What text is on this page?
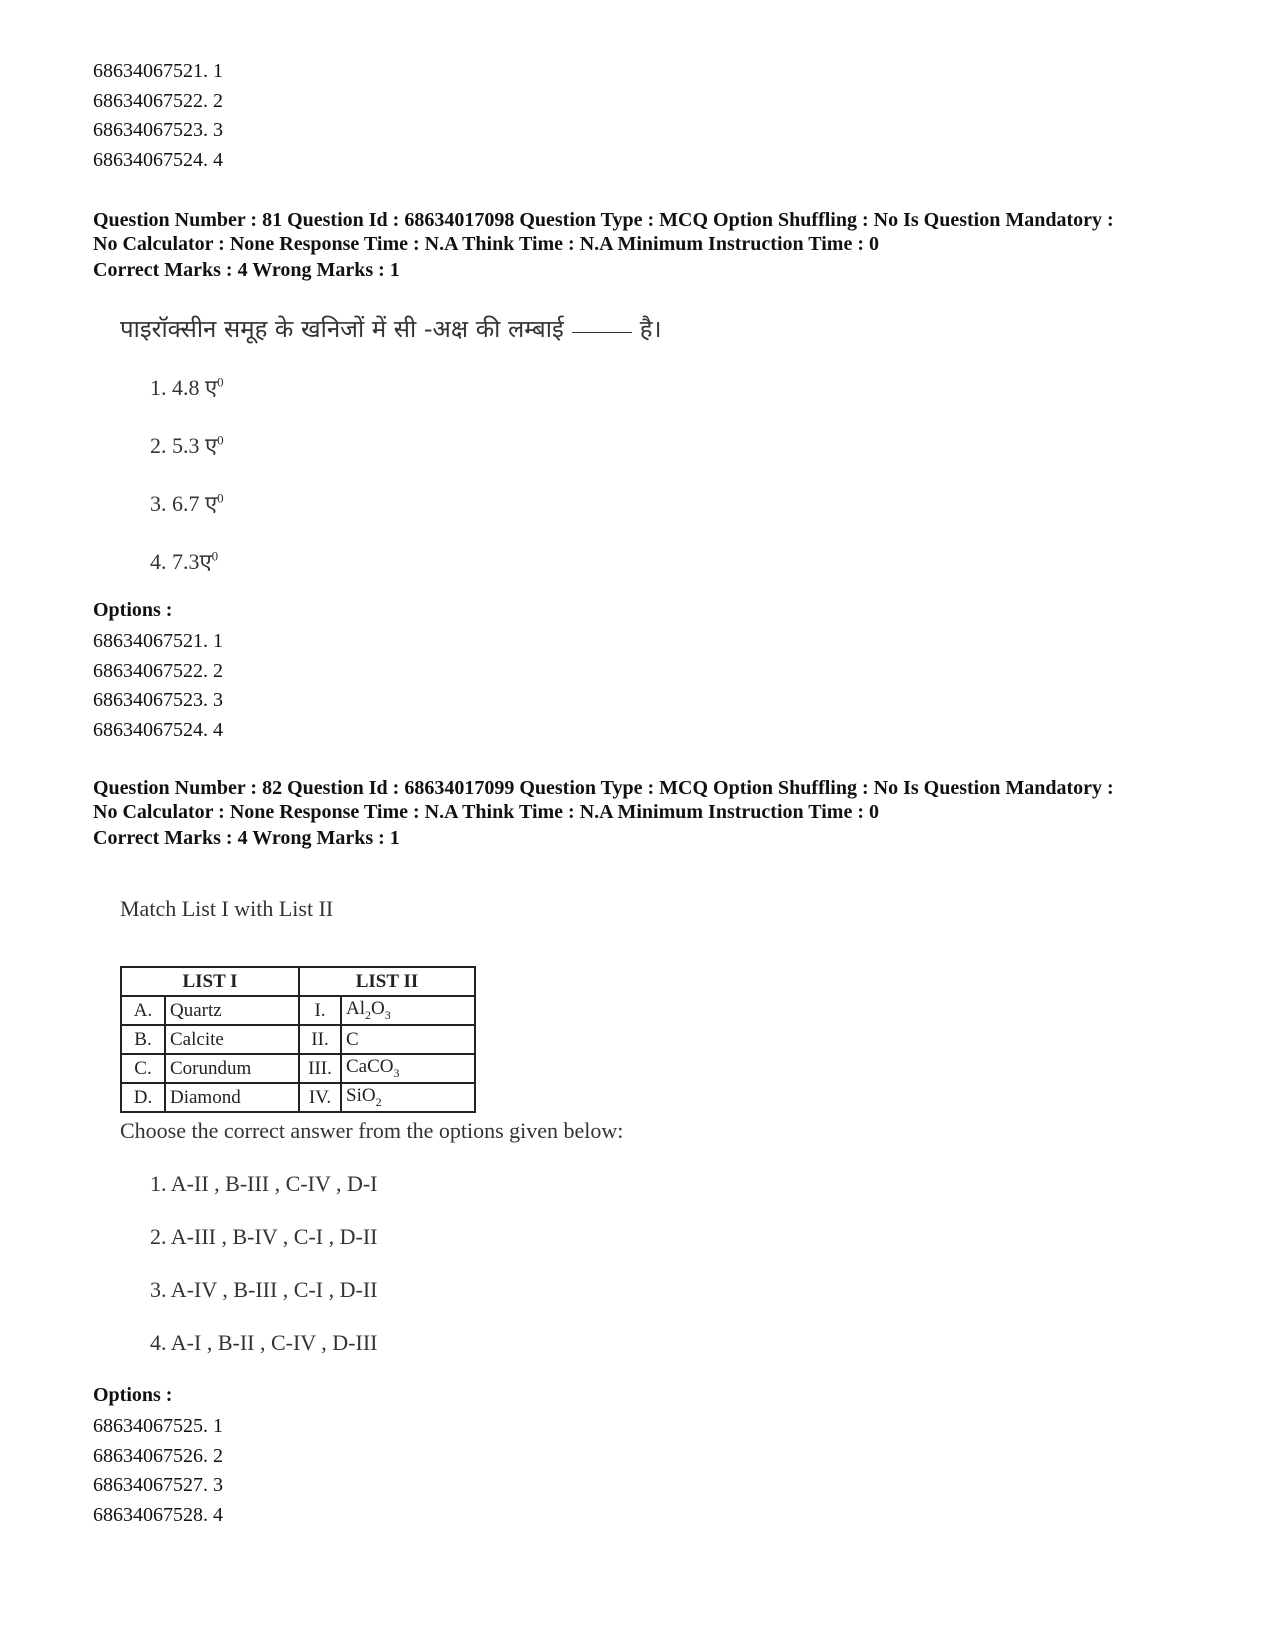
68634067521. 1
68634067522. 2
68634067523. 3
68634067524. 4
Question Number : 81 Question Id : 68634017098 Question Type : MCQ Option Shuffling : No Is Question Mandatory :
No Calculator : None Response Time : N.A Think Time : N.A Minimum Instruction Time : 0
Correct Marks : 4 Wrong Marks : 1
पाइरॉक्सीन समूह के खनिजों में सी -अक्ष की लम्बाई	है।
1. 4.8 ए$^0$
2. 5.3 ए$^0$
3. 6.7 ए$^0$
4. 7.3ए$^0$
Options :
68634067521. 1
68634067522. 2
68634067523. 3
68634067524. 4
Question Number : 82 Question Id : 68634017099 Question Type : MCQ Option Shuffling : No Is Question Mandatory :
No Calculator : None Response Time : N.A Think Time : N.A Minimum Instruction Time : 0
Correct Marks : 4 Wrong Marks : 1
Match List I with List II
LIST I		LIST II	
A.	Quartz	I.	$Al_2O_3$
B.	Calcite	II.	C
C.	Corundum	III.	CaCO$_3$
D.	Diamond	IV.	SiO$_2$
Choose the correct answer from the options given below:
1. A-II , B-III , C-IV , D-I
2. A-III , B-IV , C-I , D-II
3. A-IV , B-III , C-I , D-II
4. A-I , B-II , C-IV , D-III
Options :
68634067525. 1
68634067526. 2
68634067527. 3
68634067528. 4
